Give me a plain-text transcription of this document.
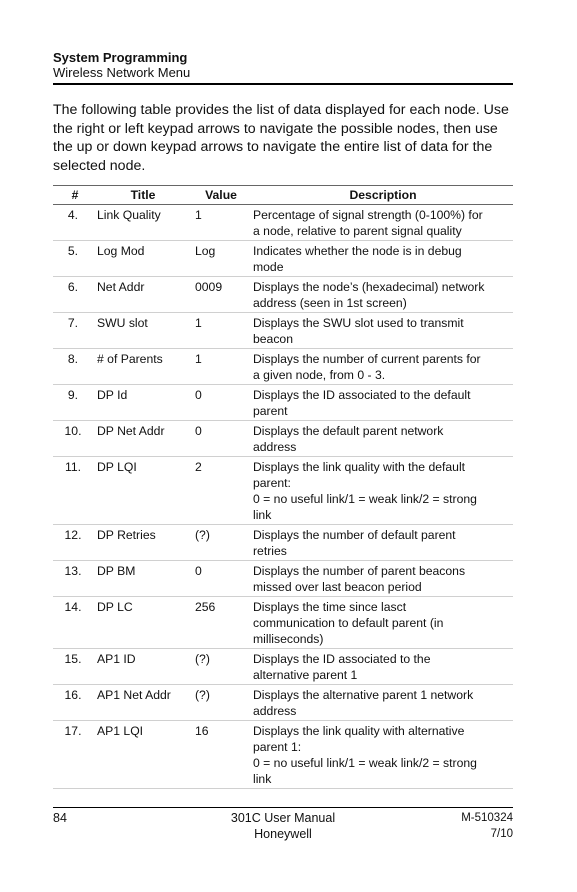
System Programming
Wireless Network Menu

The following table provides the list of data displayed for each node. Use the right or left keypad arrows to navigate the possible nodes, then use the up or down keypad arrows to navigate the entire list of data for the selected node.

#	Title	Value	Description
4.	Link Quality	1	Percentage of signal strength (0-100%) for
a node, relative to parent signal quality
5.	Log Mod	Log	Indicates whether the node is in debug
mode
6.	Net Addr	0009	Displays the node’s (hexadecimal) network
address (seen in 1st screen)
7.	SWU slot	1	Displays the SWU slot used to transmit
beacon
8.	# of Parents	1	Displays the number of current parents for
a given node, from 0 - 3.
9.	DP Id	0	Displays the ID associated to the default
parent
10.	DP Net Addr	0	Displays the default parent network
address
11.	DP LQI	2	Displays the link quality with the default
parent:
0 = no useful link/1 = weak link/2 = strong
link
12.	DP Retries	(?)	Displays the number of default parent
retries
13.	DP BM	0	Displays the number of parent beacons
missed over last beacon period
14.	DP LC	256	Displays the time since lasct
communication to default parent (in
milliseconds)
15.	AP1 ID	(?)	Displays the ID associated to the
alternative parent 1
16.	AP1 Net Addr	(?)	Displays the alternative parent 1 network
address
17.	AP1 LQI	16	Displays the link quality with alternative
parent 1:
0 = no useful link/1 = weak link/2 = strong
link
84	301C User Manual
Honeywell
M-510324
7/10
